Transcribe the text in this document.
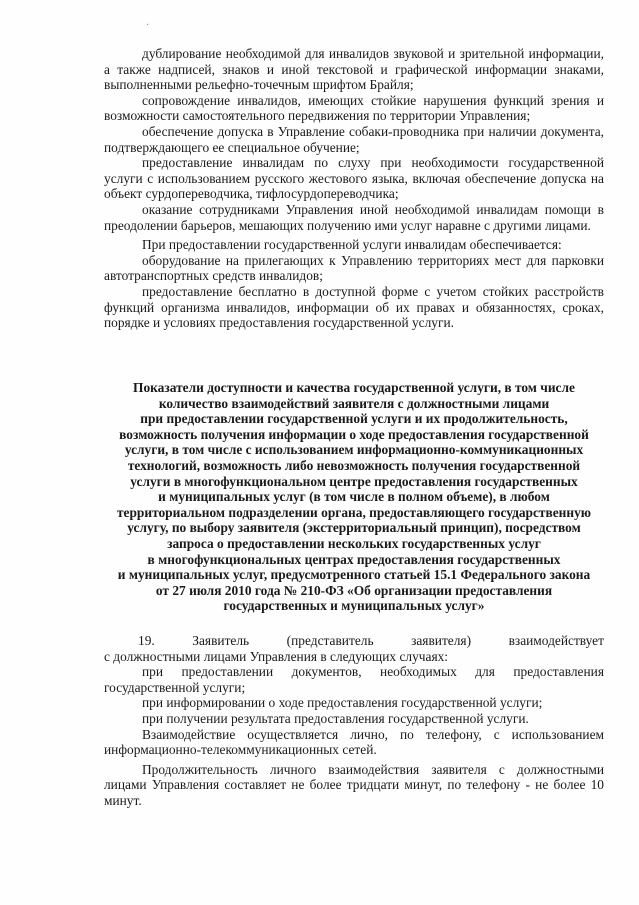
·

дублирование необходимой для инвалидов звуковой и зрительной информации, а также надписей, знаков и иной текстовой и графической информации знаками, выполненными рельефно-точечным шрифтом Брайля;

сопровождение инвалидов, имеющих стойкие нарушения функций зрения и возможности самостоятельного передвижения по территории Управления;

обеспечение допуска в Управление собаки-проводника при наличии документа, подтверждающего ее специальное обучение;

предоставление инвалидам по слуху при необходимости государственной услуги с использованием русского жестового языка, включая обеспечение допуска на объект сурдопереводчика, тифлосурдопереводчика;

оказание сотрудниками Управления иной необходимой инвалидам помощи в преодолении барьеров, мешающих получению ими услуг наравне с другими лицами.

При предоставлении государственной услуги инвалидам обеспечивается:

оборудование на прилегающих к Управлению территориях мест для парковки автотранспортных средств инвалидов;

предоставление бесплатно в доступной форме с учетом стойких расстройств функций организма инвалидов, информации об их правах и обязанностях, сроках, порядке и условиях предоставления государственной услуги.

Показатели доступности и качества государственной услуги, в том числе
количество взаимодействий заявителя с должностными лицами
при предоставлении государственной услуги и их продолжительность,
возможность получения информации о ходе предоставления государственной
услуги, в том числе с использованием информационно-коммуникационных
технологий, возможность либо невозможность получения государственной
услуги в многофункциональном центре предоставления государственных
и муниципальных услуг (в том числе в полном объеме), в любом
территориальном подразделении органа, предоставляющего государственную
услугу, по выбору заявителя (экстерриториальный принцип), посредством
запроса о предоставлении нескольких государственных услуг
в многофункциональных центрах предоставления государственных
и муниципальных услуг, предусмотренного статьей 15.1 Федерального закона
от 27 июля 2010 года № 210-ФЗ «Об организации предоставления
государственных и муниципальных услуг»
19.	Заявитель	(представитель	заявителя)	взаимодействует

с должностными лицами Управления в следующих случаях:

при предоставлении документов, необходимых для предоставления государственной услуги;

при информировании о ходе предоставления государственной услуги;

при получении результата предоставления государственной услуги.

Взаимодействие осуществляется лично, по телефону, с использованием информационно-телекоммуникационных сетей.

Продолжительность личного взаимодействия заявителя с должностными лицами Управления составляет не более тридцати минут, по телефону - не более 10 минут.
